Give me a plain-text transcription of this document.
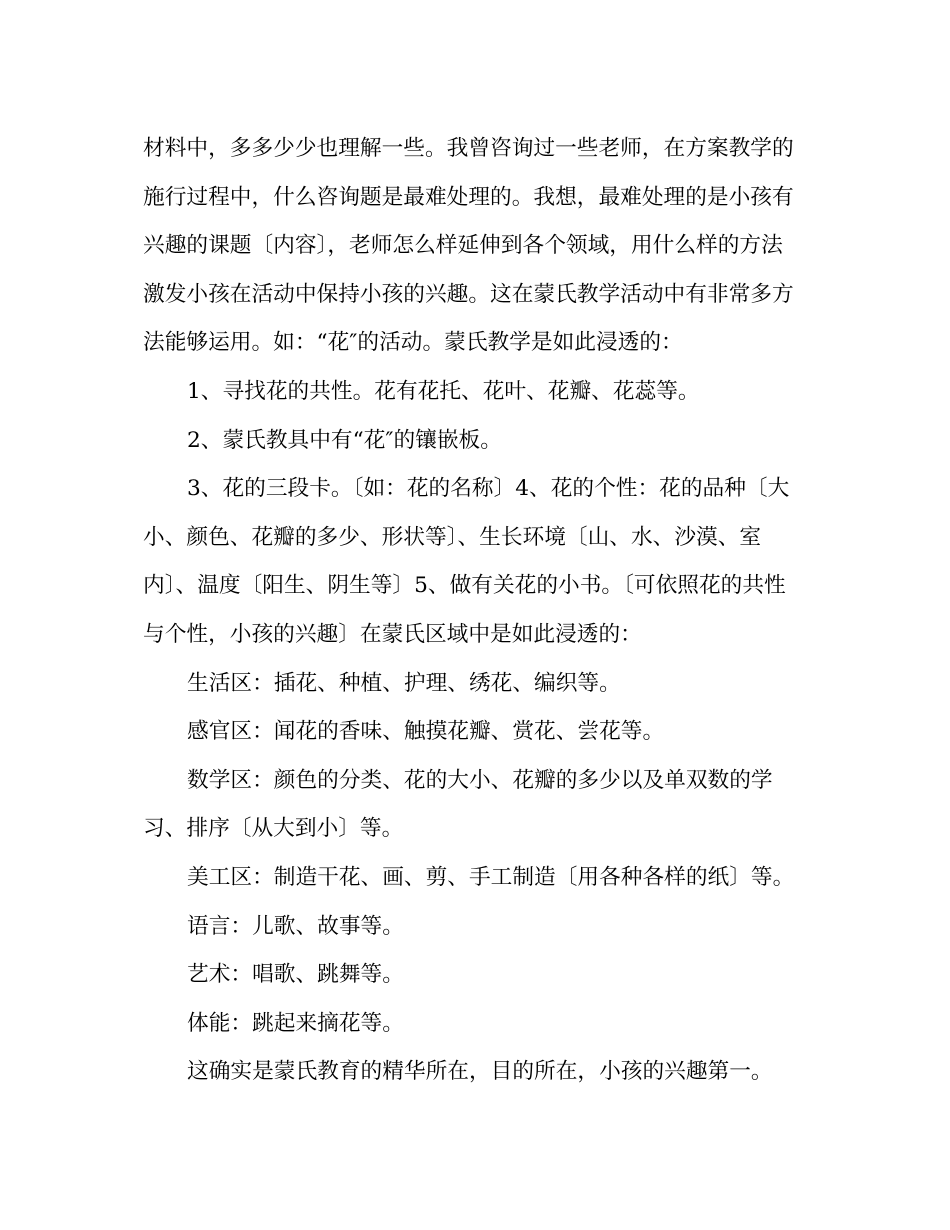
材料中，多多少少也理解一些。我曾咨询过一些老师，在方案教学的
施行过程中，什么咨询题是最难处理的。我想，最难处理的是小孩有
兴趣的课题〔内容〕，老师怎么样延伸到各个领域，用什么样的方法
激发小孩在活动中保持小孩的兴趣。这在蒙氏教学活动中有非常多方
法能够运用。如：“花″的活动。蒙氏教学是如此浸透的：
1、寻找花的共性。花有花托、花叶、花瓣、花蕊等。
2、蒙氏教具中有“花″的镶嵌板。
3、花的三段卡。〔如：花的名称〕4、花的个性：花的品种〔大
小、颜色、花瓣的多少、形状等〕、生长环境〔山、水、沙漠、室
内〕、温度〔阳生、阴生等〕5、做有关花的小书。〔可依照花的共性
与个性，小孩的兴趣〕在蒙氏区域中是如此浸透的：
生活区：插花、种植、护理、绣花、编织等。
感官区：闻花的香味、触摸花瓣、赏花、尝花等。
数学区：颜色的分类、花的大小、花瓣的多少以及单双数的学
习、排序〔从大到小〕等。
美工区：制造干花、画、剪、手工制造〔用各种各样的纸〕等。
语言：儿歌、故事等。
艺术：唱歌、跳舞等。
体能：跳起来摘花等。
这确实是蒙氏教育的精华所在，目的所在，小孩的兴趣第一。
